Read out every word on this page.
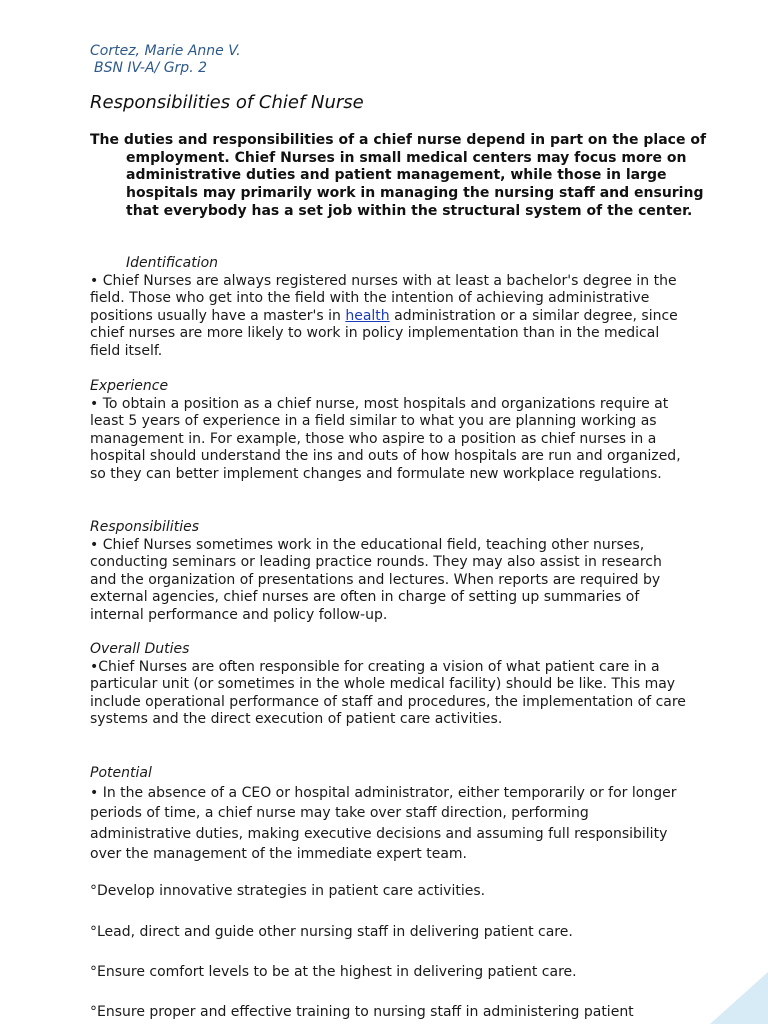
Cortez, Marie Anne V.
BSN IV-A/ Grp. 2
Responsibilities of Chief Nurse
The duties and responsibilities of a chief nurse depend in part on the place of employment. Chief Nurses in small medical centers may focus more on administrative duties and patient management, while those in large hospitals may primarily work in managing the nursing staff and ensuring that everybody has a set job within the structural system of the center.
Identification
• Chief Nurses are always registered nurses with at least a bachelor's degree in the field. Those who get into the field with the intention of achieving administrative positions usually have a master's in health administration or a similar degree, since chief nurses are more likely to work in policy implementation than in the medical field itself.
Experience
• To obtain a position as a chief nurse, most hospitals and organizations require at least 5 years of experience in a field similar to what you are planning working as management in. For example, those who aspire to a position as chief nurses in a hospital should understand the ins and outs of how hospitals are run and organized, so they can better implement changes and formulate new workplace regulations.
Responsibilities
• Chief Nurses sometimes work in the educational field, teaching other nurses, conducting seminars or leading practice rounds. They may also assist in research and the organization of presentations and lectures. When reports are required by external agencies, chief nurses are often in charge of setting up summaries of internal performance and policy follow-up.
Overall Duties
•Chief Nurses are often responsible for creating a vision of what patient care in a particular unit (or sometimes in the whole medical facility) should be like. This may include operational performance of staff and procedures, the implementation of care systems and the direct execution of patient care activities.
Potential
• In the absence of a CEO or hospital administrator, either temporarily or for longer periods of time, a chief nurse may take over staff direction, performing administrative duties, making executive decisions and assuming full responsibility over the management of the immediate expert team.
°Develop innovative strategies in patient care activities.
°Lead, direct and guide other nursing staff in delivering patient care.
°Ensure comfort levels to be at the highest in delivering patient care.
°Ensure proper and effective training to nursing staff in administering patient
